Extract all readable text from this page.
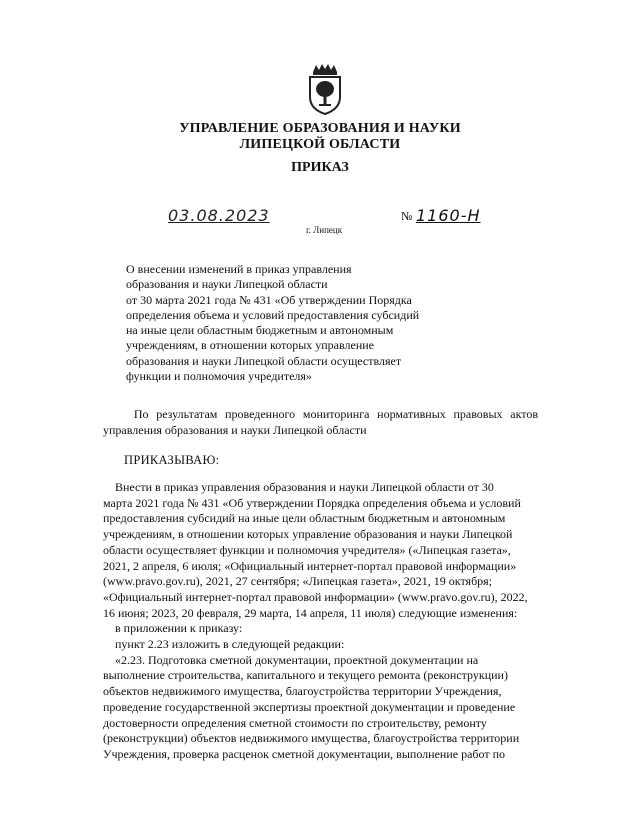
УПРАВЛЕНИЕ ОБРАЗОВАНИЯ И НАУКИ
ЛИПЕЦКОЙ ОБЛАСТИ
ПРИКАЗ
03.08.2023
г. Липецк
№ 1160-Н
О внесении изменений в приказ управления
образования и науки Липецкой области
от 30 марта 2021 года № 431 «Об утверждении Порядка
определения объема и условий предоставления субсидий
на иные цели областным бюджетным и автономным
учреждениям, в отношении которых управление
образования и науки Липецкой области осуществляет
функции и полномочия учредителя»
По результатам проведенного мониторинга нормативных правовых актов
управления образования и науки Липецкой области
ПРИКАЗЫВАЮ:
Внести в приказ управления образования и науки Липецкой области от 30
марта 2021 года № 431 «Об утверждении Порядка определения объема и условий
предоставления субсидий на иные цели областным бюджетным и автономным
учреждениям, в отношении которых управление образования и науки Липецкой
области осуществляет функции и полномочия учредителя» («Липецкая газета»,
2021, 2 апреля, 6 июля; «Официальный интернет-портал правовой информации»
(www.pravo.gov.ru), 2021, 27 сентября; «Липецкая газета», 2021, 19 октября;
«Официальный интернет-портал правовой информации» (www.pravo.gov.ru), 2022,
16 июня; 2023, 20 февраля, 29 марта, 14 апреля, 11 июля) следующие изменения:
в приложении к приказу:
пункт 2.23 изложить в следующей редакции:
«2.23. Подготовка сметной документации, проектной документации на
выполнение строительства, капитального и текущего ремонта (реконструкции)
объектов недвижимого имущества, благоустройства территории Учреждения,
проведение государственной экспертизы проектной документации и проведение
достоверности определения сметной стоимости по строительству, ремонту
(реконструкции) объектов недвижимого имущества, благоустройства территории
Учреждения, проверка расценок сметной документации, выполнение работ по
